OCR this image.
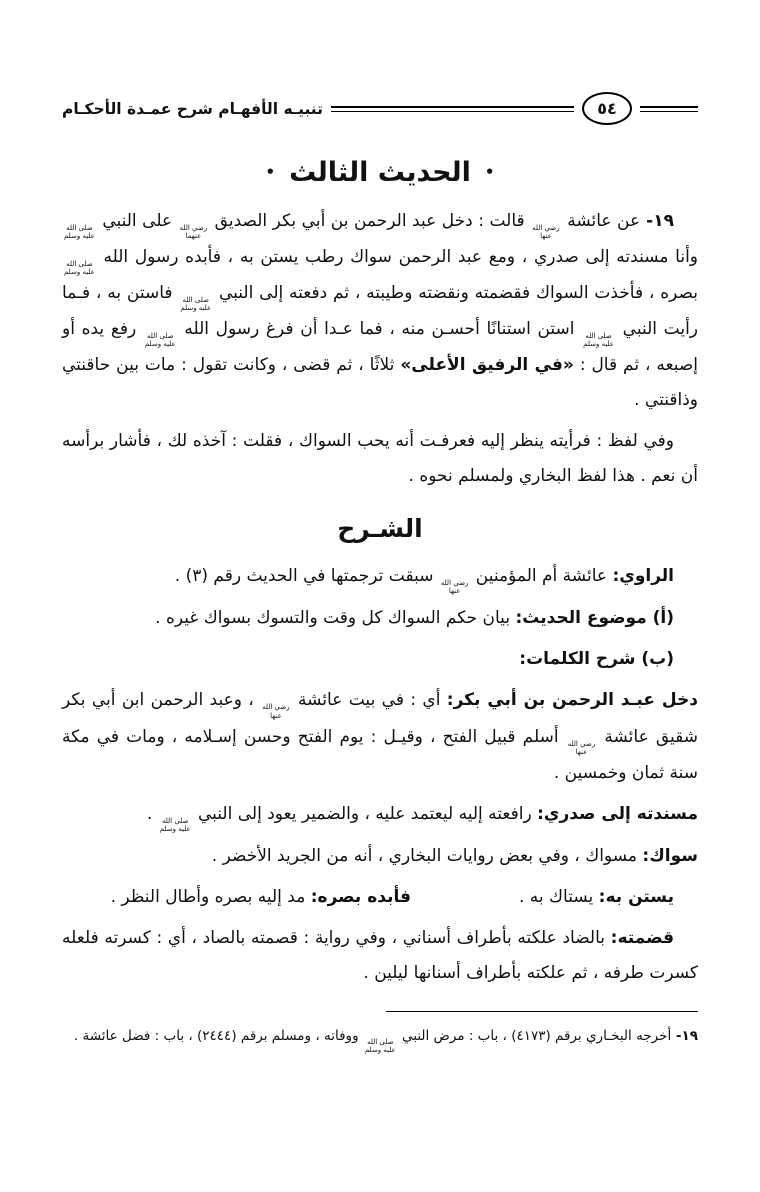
٥٤
تنبيـه الأفهـام شرح عمـدة الأحكـام
•
الحديث الثالث
•

١٩- عن عائشة
رضي الله
عنها
قالت : دخل عبد الرحمن بن أبي بكر الصديق
رضي الله
عنهما
على النبي
صلى الله
عليه وسلم
وأنا مسندته إلى صدري ، ومع عبد الرحمن سواك رطب يستن به ، فأبده رسول الله
صلى الله
عليه وسلم
بصره ، فأخذت السواك فقضمته ونقضته وطيبته ، ثم دفعته إلى النبي
صلى الله
عليه وسلم
فاستن به ، فـما رأيت النبي
صلى الله
عليه وسلم
استن استنانًا أحسـن منه ، فما عـدا أن فرغ رسول الله
صلى الله
عليه وسلم
رفع يده أو إصبعه ، ثم قال : «في الرفيق الأعلى» ثلاثًا ، ثم قضى ، وكانت تقول : مات بين حاقنتي وذاقنتي .

وفي لفظ : فرأيته ينظر إليه فعرفـت أنه يحب السواك ، فقلت : آخذه لك ، فأشار برأسه أن نعم . هذا لفظ البخاري ولمسلم نحوه .

الشـرح

الراوي: عائشة أم المؤمنين
رضي الله
عنها
سبقت ترجمتها في الحديث رقم (٣) .

(أ) موضوع الحديث: بيان حكم السواك كل وقت والتسوك بسواك غيره .

(ب) شرح الكلمات:

دخل عبـد الرحمن بن أبي بكر: أي : في بيت عائشة
رضي الله
عنها
، وعبد الرحمن ابن أبي بكر شقيق عائشة
رضي الله
عنها
أسلم قبيل الفتح ، وقيـل : يوم الفتح وحسن إسـلامه ، ومات في مكة سنة ثمان وخمسين .

مسندته إلى صدري: رافعته إليه ليعتمد عليه ، والضمير يعود إلى النبي
صلى الله
عليه وسلم
.

سواك: مسواك ، وفي بعض روايات البخاري ، أنه من الجريد الأخضر .

يستن به: يستاك به .فأبده بصره: مد إليه بصره وأطال النظر .

قضمته: بالضاد علكته بأطراف أسناني ، وفي رواية : قصمته بالصاد ، أي : كسرته فلعله كسرت طرفه ، ثم علكته بأطراف أسنانها ليلين .

١٩- أخرجه البخـاري برقم (٤١٧٣) ، باب : مرض النبي
صلى الله
عليه وسلم
ووفاته ، ومسلم برقم (٢٤٤٤) ، باب : فضل عائشة .
